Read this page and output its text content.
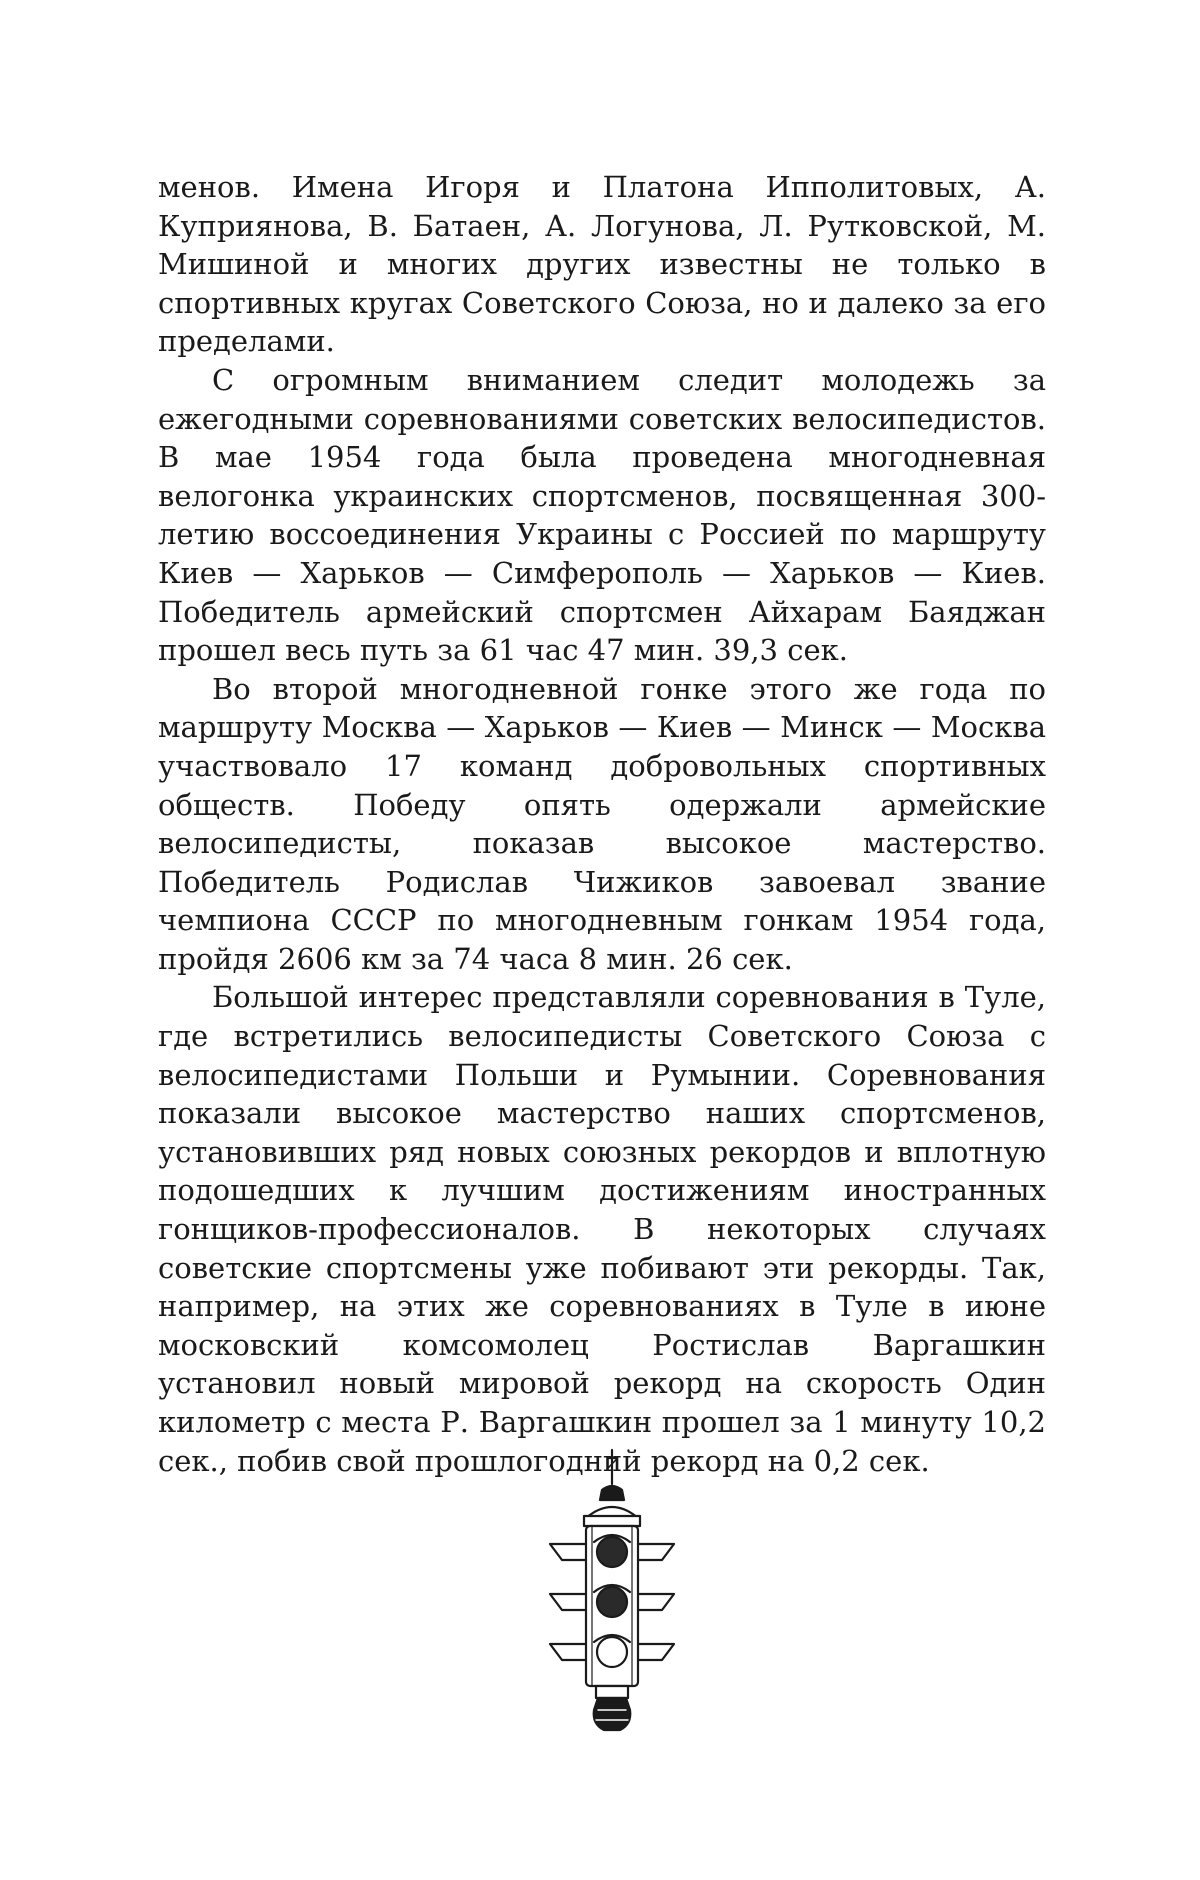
менов. Имена Игоря и Платона Ипполитовых, А. Куприянова, В. Батаен, А. Логунова, Л. Рутковской, М. Мишиной и многих других известны не только в спортивных кругах Советского Союза, но и далеко за его пределами.

С огромным вниманием следит молодежь за ежегодными соревнованиями советских велосипедистов. В мае 1954 года была проведена многодневная велогонка украинских спортсменов, посвященная 300-летию воссоединения Украины с Россией по маршруту Киев — Харьков — Симферополь — Харьков — Киев. Победитель армейский спортсмен Айхарам Баяджан прошел весь путь за 61 час 47 мин. 39,3 сек.

Во второй многодневной гонке этого же года по маршруту Москва — Харьков — Киев — Минск — Москва участвовало 17 команд добровольных спортивных обществ. Победу опять одержали армейские велосипедисты, показав высокое мастерство. Победитель Родислав Чижиков завоевал звание чемпиона СССР по многодневным гонкам 1954 года, пройдя 2606 км за 74 часа 8 мин. 26 сек.

Большой интерес представляли соревнования в Туле, где встретились велосипедисты Советского Союза с велосипедистами Польши и Румынии. Соревнования показали высокое мастерство наших спортсменов, установивших ряд новых союзных рекордов и вплотную подошедших к лучшим достижениям иностранных гонщиков-профессионалов. В некоторых случаях советские спортсмены уже побивают эти рекорды. Так, например, на этих же соревнованиях в Туле в июне московский комсомолец Ростислав Варгашкин установил новый мировой рекорд на скорость Один километр с места Р. Варгашкин прошел за 1 минуту 10,2 сек., побив свой прошлогодний рекорд на 0,2 сек.
